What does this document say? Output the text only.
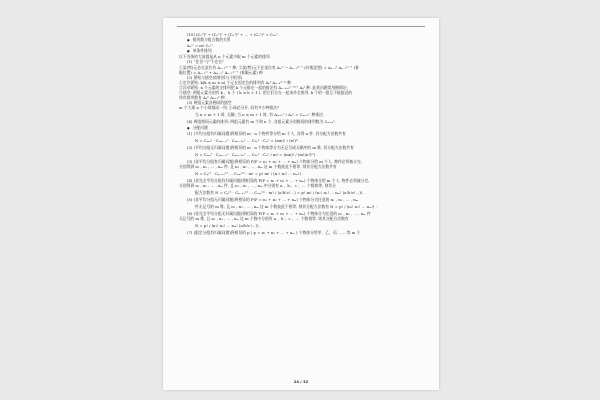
(10) (Cₙ⁰)² + (Cₙ¹)² + (Cₙ²)² + … + (Cₙⁿ)² = C₂ₙⁿ.
● 排列数与组合数的关系
Aₙᵐ = m!·Cₙᵐ .
● 单条件排列
以下各条的大前提是从 n 个元素中取 m 个元素的排列.
(1) “在位”与“不在位”
①某(特)元必在某位有 Aₙ₋₁ᵐ⁻¹ 种; ②某(特)元不在某位有 Aₙᵐ − Aₙ₋₁ᵐ⁻¹ (补集思想) = Aₙ₋₁¹ Aₙ₋₁ᵐ⁻¹ (着
眼位置) = Aₙ₋₁ᵐ + Aₘ₋₁¹ Aₙ₋₁ᵐ⁻¹ (着眼元素) 种.
(2) 紧贴与插空(即相邻与不相邻)
①定位紧贴: k(k ≤ m ≤ n) 个元在固定位的排列有 Aₖᵏ Aₙ₋ₖᵐ⁻ᵏ 种.
②浮动紧贴: n 个元素的全排列把 k 个元排在一起的排法有 Aₙ₋ₖ₊₁ⁿ⁻ᵏ⁺¹ Aₖᵏ 种. 此类问题常用捆绑法;
③插空: 两组元素分别有 k 、h 个 ( k ≤ h + 1 ), 把它们合在一起来作全排列, k 个的一组互不能挺近的
所有排列数有 Aₕʰ Aₕ₊₁ᵏ 种.
(3) 两组元素各相同的插空
m 个大球 n 个小球排成一列, 小球必分开, 问有多少种排法?
当 n > m + 1 时, 无解; 当 n ≤ m + 1 时, 有 Aₘ₊₁ⁿ / Aₙⁿ = Cₘ₊₁ⁿ 种排法.
(4) 两组相同元素的排列: 两组元素有 m 个和 n 个, 各组元素分别相同的排列数为 Cₘ₊ₙⁿ.
● 分配问题
(1) (平均分组有归属问题)将相异的 m · n 个物件等分给 m 个人, 各得 n 件, 其分配方法数共有
N = Cₘₙⁿ · Cₘₙ₋ₙⁿ · Cₘₙ₋₂ₙⁿ … C₂ₙⁿ · Cₙⁿ = (mn)! / (n!)ᵐ .
(2) (平均分组无归属问题)将相异的 m · n 个物体等分为无记号或无顺序的 m 堆, 其分配方法数共有
N = Cₘₙⁿ · Cₘₙ₋ₙⁿ · Cₘₙ₋₂ₙⁿ … C₂ₙⁿ · Cₙⁿ / m! = (mn)! / (m!(n!)ᵐ) .
(3) (非平均分组有归属问题)将相异的 P(P = n₁ + n₂ + … + nₘ) 个物体分给 m 个人, 物件必须被分完,
分别得到 n₁ , n₂ , … , nₘ 件, 且 n₁ , n₂ , … , nₘ 这 m 个数彼此不相等, 则其分配方法数共有
N = Cₚⁿ¹ · Cₚ₋ₙ₁ⁿ² … Cₙₘⁿᵐ · m! = p! m! / (n₁! n₂! … nₘ!) .
(4) (非完全平均分组有归属问题)将相异的 P(P = n₁ + n₂ + … + nₘ) 个物体分给 m 个人, 物件必须被分完,
分别得到 n₁ , n₂ , … , nₘ 件, 且 n₁ , n₂ , … , nₘ 中分别有 a 、b 、c 、… 个数相等, 则其分
配方法数有 N = Cₚⁿ¹ · Cₚ₋ₙ₁ⁿ² … Cₙₘⁿᵐ · m! / (a!b!c!…) = p! m! / (n₁! n₂! … nₘ! (a!b!c!…)) .
(5) (非平均分组无归属问题)将相异的 P(P = n₁ + n₂ + … + nₘ) 个物体分为任意的 n₁ , n₂ , … , nₘ
件无记号的 m 堆, 且 n₁ , n₂ , … , nₘ 这 m 个数彼此不相等, 则其分配方法数有 N = p! / (n₁! n₂! … nₘ!) .
(6) (非完全平均分组无归属问题)将相异的 P(P = n₁ + n₂ + … + nₘ) 个物体分为任意的 n₁ , n₂ , … , nₘ 件
无记号的 m 堆, 且 n₁ , n₂ , … , nₘ 这 m 个数中分别有 a 、b 、c 、… 个数相等, 则其分配方法数有
N = p! / (n₁! n₂! … nₘ! (a!b!c!…)) .
(7) (限定分组有归属问题)将相异的 p ( p = n₁ + n₂ + … + nₘ ) 个物体分给甲、乙、丙, ……等 m 个
24 / 32
